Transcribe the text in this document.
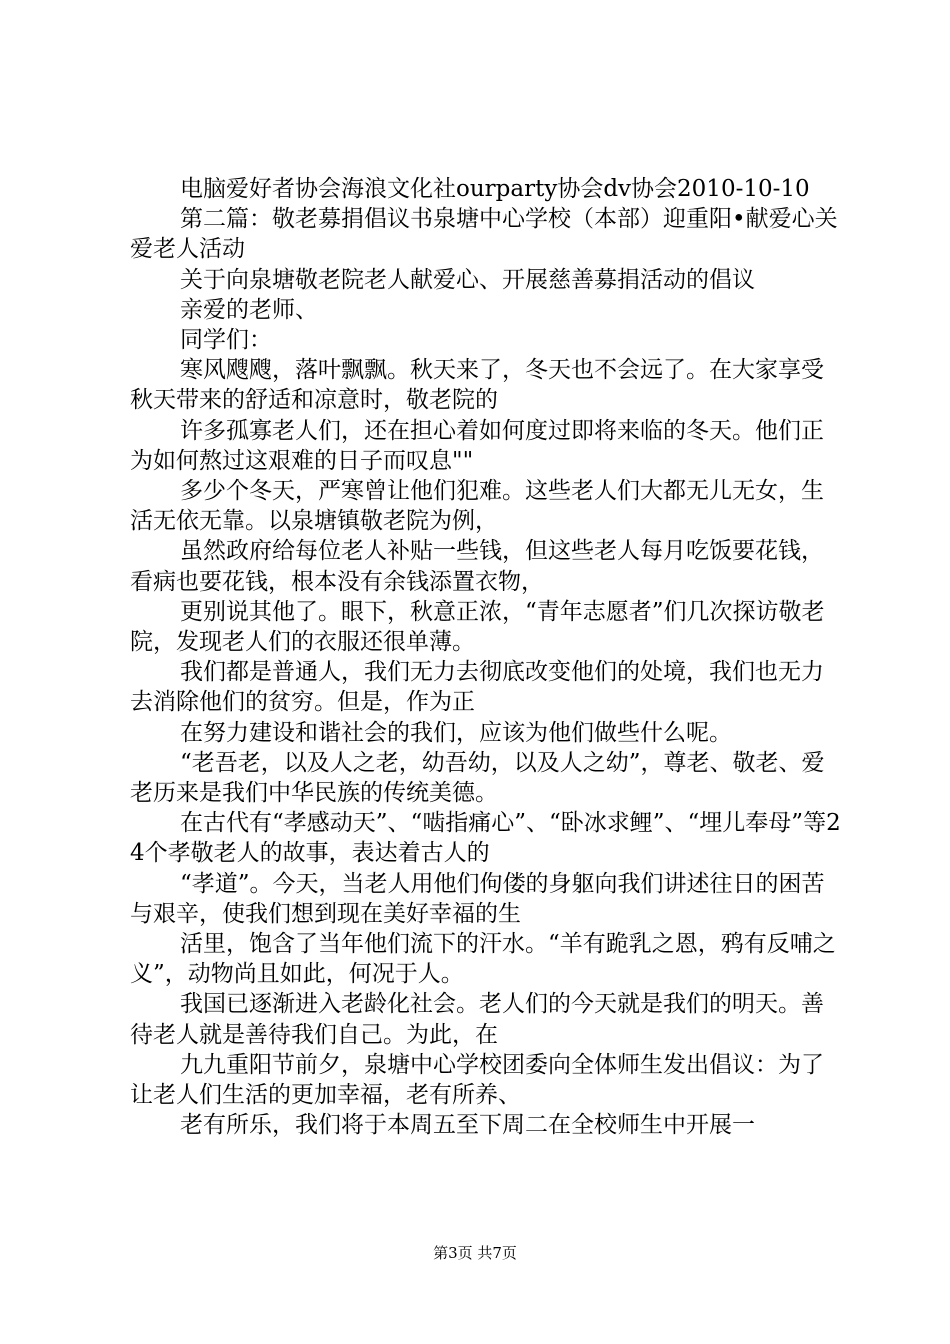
电脑爱好者协会海浪文化社ourparty协会dv协会2010-10-10

第二篇：敬老募捐倡议书泉塘中心学校（本部）迎重阳•献爱心关爱老人活动

关于向泉塘敬老院老人献爱心、开展慈善募捐活动的倡议

亲爱的老师、

同学们：

寒风飕飕，落叶飘飘。秋天来了，冬天也不会远了。在大家享受秋天带来的舒适和凉意时，敬老院的

许多孤寡老人们，还在担心着如何度过即将来临的冬天。他们正为如何熬过这艰难的日子而叹息""

多少个冬天，严寒曾让他们犯难。这些老人们大都无儿无女，生活无依无靠。以泉塘镇敬老院为例，

虽然政府给每位老人补贴一些钱，但这些老人每月吃饭要花钱，看病也要花钱，根本没有余钱添置衣物，

更别说其他了。眼下，秋意正浓，“青年志愿者”们几次探访敬老院，发现老人们的衣服还很单薄。

我们都是普通人，我们无力去彻底改变他们的处境，我们也无力去消除他们的贫穷。但是，作为正

在努力建设和谐社会的我们，应该为他们做些什么呢。

“老吾老，以及人之老，幼吾幼，以及人之幼”，尊老、敬老、爱老历来是我们中华民族的传统美德。

在古代有“孝感动天”、“啮指痛心”、“卧冰求鲤”、“埋儿奉母”等24个孝敬老人的故事，表达着古人的

“孝道”。今天，当老人用他们佝偻的身躯向我们讲述往日的困苦与艰辛，使我们想到现在美好幸福的生

活里，饱含了当年他们流下的汗水。“羊有跪乳之恩，鸦有反哺之义”，动物尚且如此，何况于人。

我国已逐渐进入老龄化社会。老人们的今天就是我们的明天。善待老人就是善待我们自己。为此，在

九九重阳节前夕，泉塘中心学校团委向全体师生发出倡议：为了让老人们生活的更加幸福，老有所养、

老有所乐，我们将于本周五至下周二在全校师生中开展一

第3页 共7页
